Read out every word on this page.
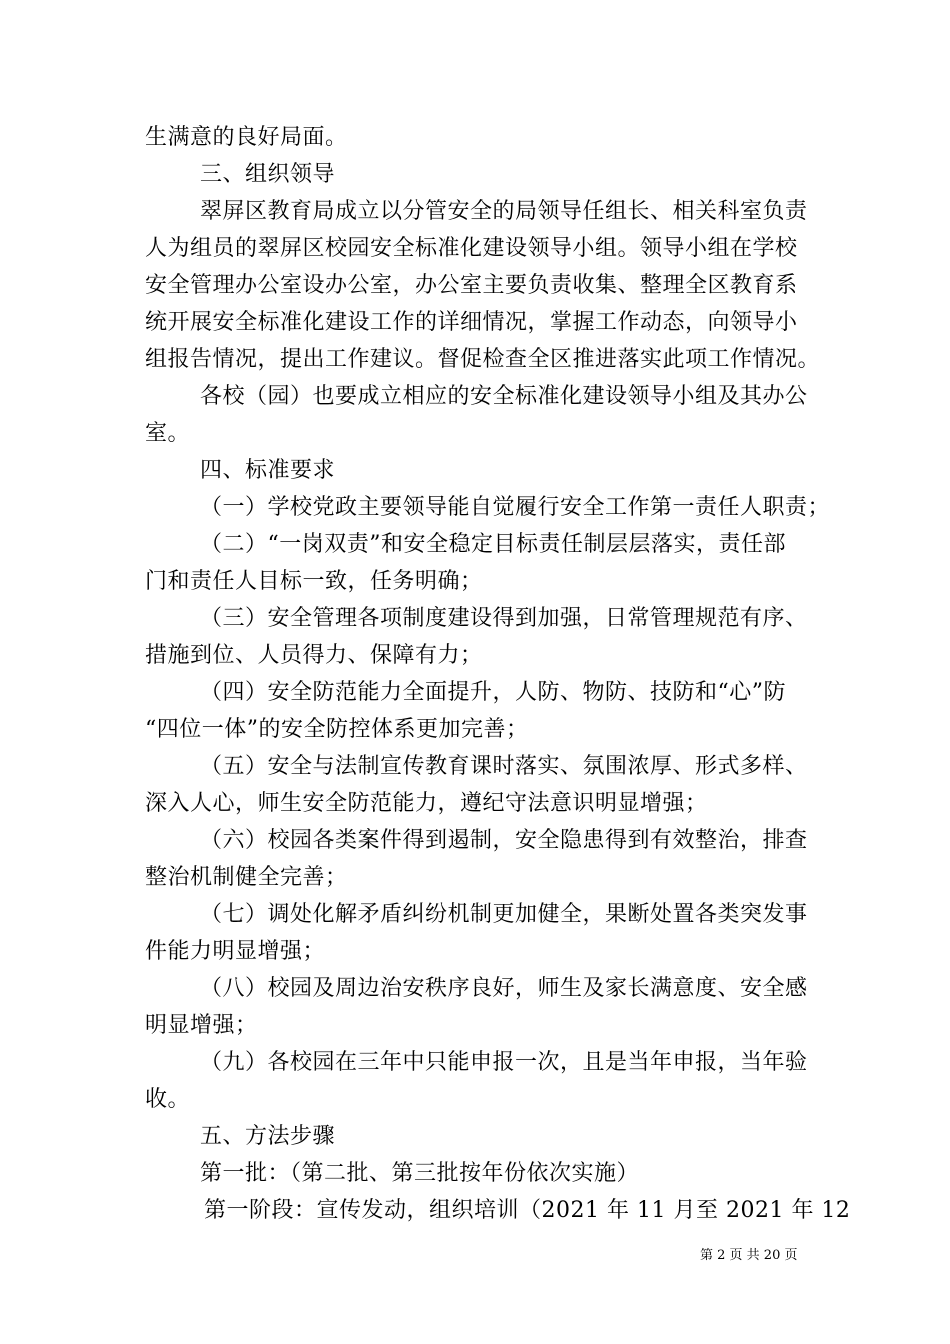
生满意的良好局面。
三、组织领导
翠屏区教育局成立以分管安全的局领导任组长、相关科室负责
人为组员的翠屏区校园安全标准化建设领导小组。领导小组在学校
安全管理办公室设办公室，办公室主要负责收集、整理全区教育系
统开展安全标准化建设工作的详细情况，掌握工作动态，向领导小
组报告情况，提出工作建议。督促检查全区推进落实此项工作情况。
各校（园）也要成立相应的安全标准化建设领导小组及其办公
室。
四、标准要求
（一）学校党政主要领导能自觉履行安全工作第一责任人职责；
（二）“一岗双责”和安全稳定目标责任制层层落实，责任部
门和责任人目标一致，任务明确；
（三）安全管理各项制度建设得到加强，日常管理规范有序、
措施到位、人员得力、保障有力；
（四）安全防范能力全面提升，人防、物防、技防和“心”防
“四位一体”的安全防控体系更加完善；
（五）安全与法制宣传教育课时落实、氛围浓厚、形式多样、
深入人心，师生安全防范能力，遵纪守法意识明显增强；
（六）校园各类案件得到遏制，安全隐患得到有效整治，排查
整治机制健全完善；
（七）调处化解矛盾纠纷机制更加健全，果断处置各类突发事
件能力明显增强；
（八）校园及周边治安秩序良好，师生及家长满意度、安全感
明显增强；
（九）各校园在三年中只能申报一次，且是当年申报，当年验
收。
五、方法步骤
第一批：（第二批、第三批按年份依次实施）
第一阶段：宣传发动，组织培训（2021 年 11 月至 2021 年 12
第 2 页 共 20 页
